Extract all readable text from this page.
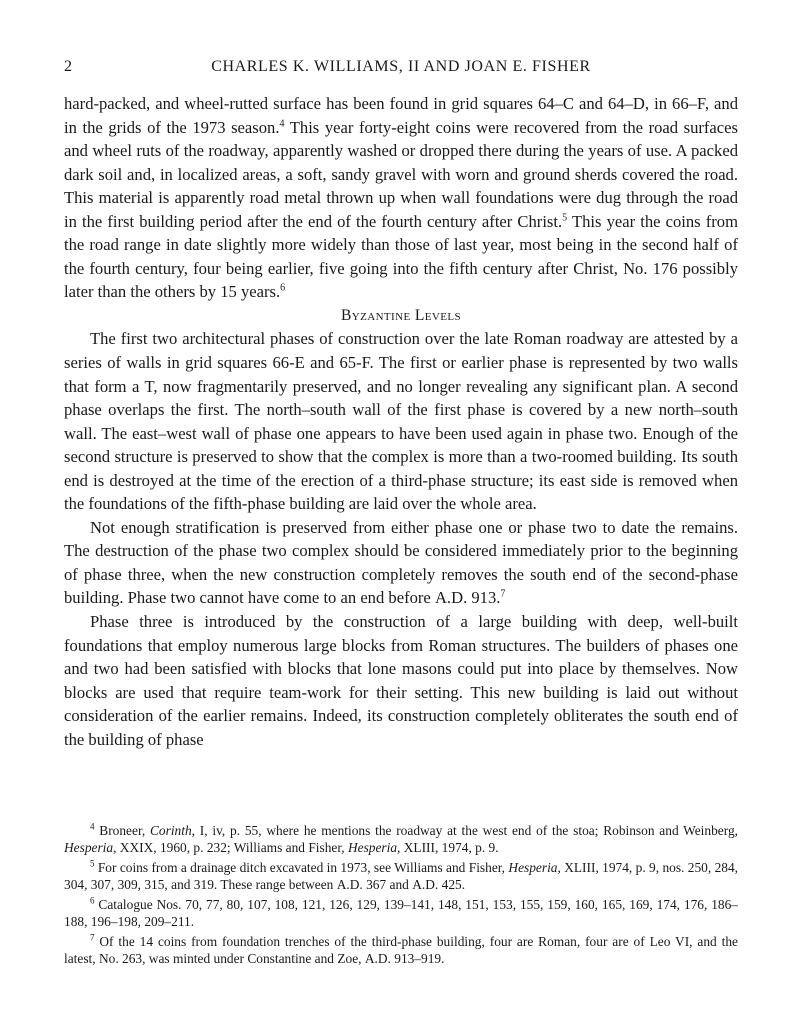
2	CHARLES K. WILLIAMS, II AND JOAN E. FISHER

hard-packed, and wheel-rutted surface has been found in grid squares 64–C and 64–D, in 66–F, and in the grids of the 1973 season.$^4$ This year forty-eight coins were recovered from the road surfaces and wheel ruts of the roadway, apparently washed or dropped there during the years of use. A packed dark soil and, in localized areas, a soft, sandy gravel with worn and ground sherds covered the road. This material is apparently road metal thrown up when wall foundations were dug through the road in the first building period after the end of the fourth century after Christ.$^5$ This year the coins from the road range in date slightly more widely than those of last year, most being in the second half of the fourth century, four being earlier, five going into the fifth century after Christ, No. 176 possibly later than the others by 15 years.$^6$

Byzantine Levels

The first two architectural phases of construction over the late Roman roadway are attested by a series of walls in grid squares 66-E and 65-F. The first or earlier phase is represented by two walls that form a T, now fragmentarily preserved, and no longer revealing any significant plan. A second phase overlaps the first. The north–south wall of the first phase is covered by a new north–south wall. The east–west wall of phase one appears to have been used again in phase two. Enough of the second structure is preserved to show that the complex is more than a two-roomed building. Its south end is destroyed at the time of the erection of a third-phase structure; its east side is removed when the foundations of the fifth-phase building are laid over the whole area.

Not enough stratification is preserved from either phase one or phase two to date the remains. The destruction of the phase two complex should be considered immediately prior to the beginning of phase three, when the new construction completely removes the south end of the second-phase building. Phase two cannot have come to an end before A.D. 913.$^7$

Phase three is introduced by the construction of a large building with deep, well-built foundations that employ numerous large blocks from Roman structures. The builders of phases one and two had been satisfied with blocks that lone masons could put into place by themselves. Now blocks are used that require team-work for their setting. This new building is laid out without consideration of the earlier remains. Indeed, its construction completely obliterates the south end of the building of phase

$^4$ Broneer, Corinth, I, iv, p. 55, where he mentions the roadway at the west end of the stoa; Robinson and Weinberg, Hesperia, XXIX, 1960, p. 232; Williams and Fisher, Hesperia, XLIII, 1974, p. 9.

$^5$ For coins from a drainage ditch excavated in 1973, see Williams and Fisher, Hesperia, XLIII, 1974, p. 9, nos. 250, 284, 304, 307, 309, 315, and 319. These range between A.D. 367 and A.D. 425.

$^6$ Catalogue Nos. 70, 77, 80, 107, 108, 121, 126, 129, 139–141, 148, 151, 153, 155, 159, 160, 165, 169, 174, 176, 186–188, 196–198, 209–211.

$^7$ Of the 14 coins from foundation trenches of the third-phase building, four are Roman, four are of Leo VI, and the latest, No. 263, was minted under Constantine and Zoe, A.D. 913–919.
